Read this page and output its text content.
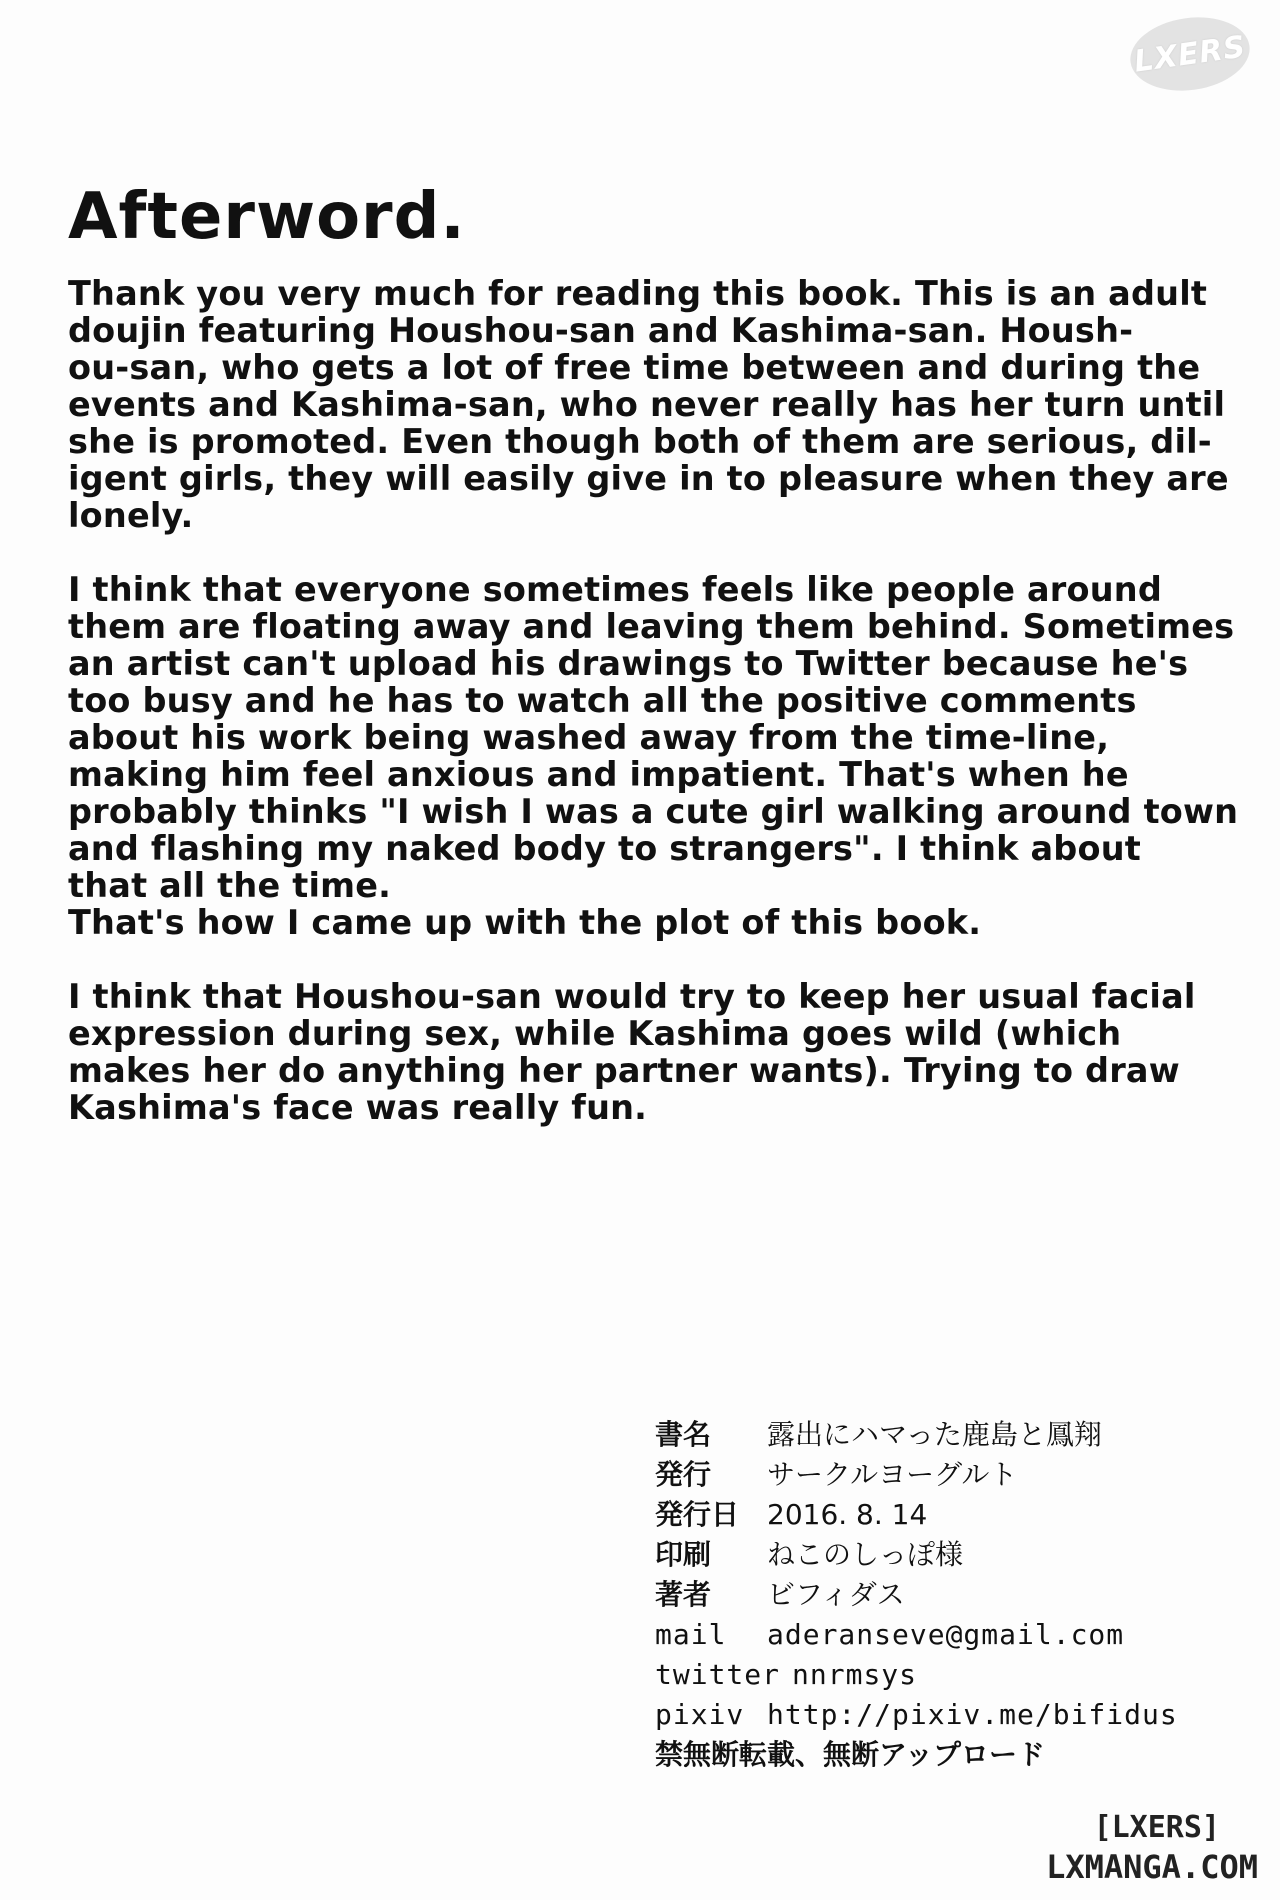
LXERS
Afterword.

Thank you very much for reading this book. This is an adult
doujin featuring Houshou-san and Kashima-san. Housh-
ou-san, who gets a lot of free time between and during the
events and Kashima-san, who never really has her turn until
she is promoted. Even though both of them are serious, dil-
igent girls, they will easily give in to pleasure when they are
lonely.

I think that everyone sometimes feels like people around
them are floating away and leaving them behind. Sometimes
an artist can't upload his drawings to Twitter because he's
too busy and he has to watch all the positive comments
about his work being washed away from the time-line,
making him feel anxious and impatient. That's when he
probably thinks "I wish I was a cute girl walking around town
and flashing my naked body to strangers". I think about
that all the time.
That's how I came up with the plot of this book.

I think that Houshou-san would try to keep her usual facial
expression during sex, while Kashima goes wild (which
makes her do anything her partner wants). Trying to draw
Kashima's face was really fun.

書名	露出にハマった鹿島と鳳翔
発行	サークルヨーグルト
発行日 2016. 8. 14
印刷	ねこのしっぽ様
著者	ビフィダス
mail	aderanseve@gmail.com
twitter nnrmsys
pixiv http://pixiv.me/bifidus
禁無断転載、無断アップロード
[LXERS]
LXMANGA.COM
